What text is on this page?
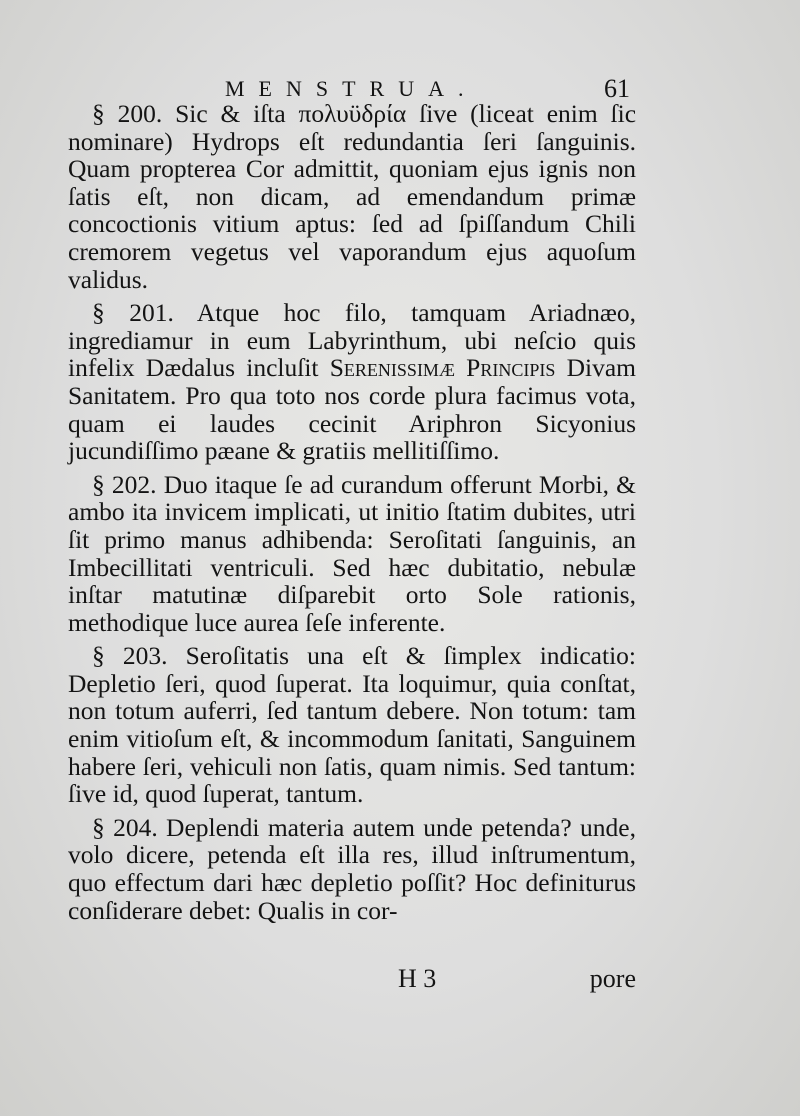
MENSTRUA.	61

§ 200. Sic & iſta πολυϋδρία ſive (liceat enim ſic nominare) Hydrops eſt redundantia ſeri ſanguinis. Quam propterea Cor admittit, quoniam ejus ignis non ſatis eſt, non dicam, ad emendandum primæ concoctionis vitium aptus: ſed ad ſpiſſandum Chili cremorem vegetus vel vaporandum ejus aquoſum validus.

§ 201. Atque hoc filo, tamquam Ariadnæo, ingrediamur in eum Labyrinthum, ubi neſcio quis infelix Dædalus incluſit Serenissimæ Principis Divam Sanitatem. Pro qua toto nos corde plura facimus vota, quam ei laudes cecinit Ariphron Sicyonius jucundiſſimo pæane & gratiis mellitiſſimo.

§ 202. Duo itaque ſe ad curandum offerunt Morbi, & ambo ita invicem implicati, ut initio ſtatim dubites, utri ſit primo manus adhibenda: Seroſitati ſanguinis, an Imbecillitati ventriculi. Sed hæc dubitatio, nebulæ inſtar matutinæ diſparebit orto Sole rationis, methodique luce aurea ſeſe inferente.

§ 203. Seroſitatis una eſt & ſimplex indicatio: Depletio ſeri, quod ſuperat. Ita loquimur, quia conſtat, non totum auferri, ſed tantum debere. Non totum: tam enim vitioſum eſt, & incommodum ſanitati, Sanguinem habere ſeri, vehiculi non ſatis, quam nimis. Sed tantum: ſive id, quod ſuperat, tantum.

§ 204. Deplendi materia autem unde petenda? unde, volo dicere, petenda eſt illa res, illud inſtrumentum, quo effectum dari hæc depletio poſſit? Hoc definiturus conſiderare debet: Qualis in cor-

H 3	pore
